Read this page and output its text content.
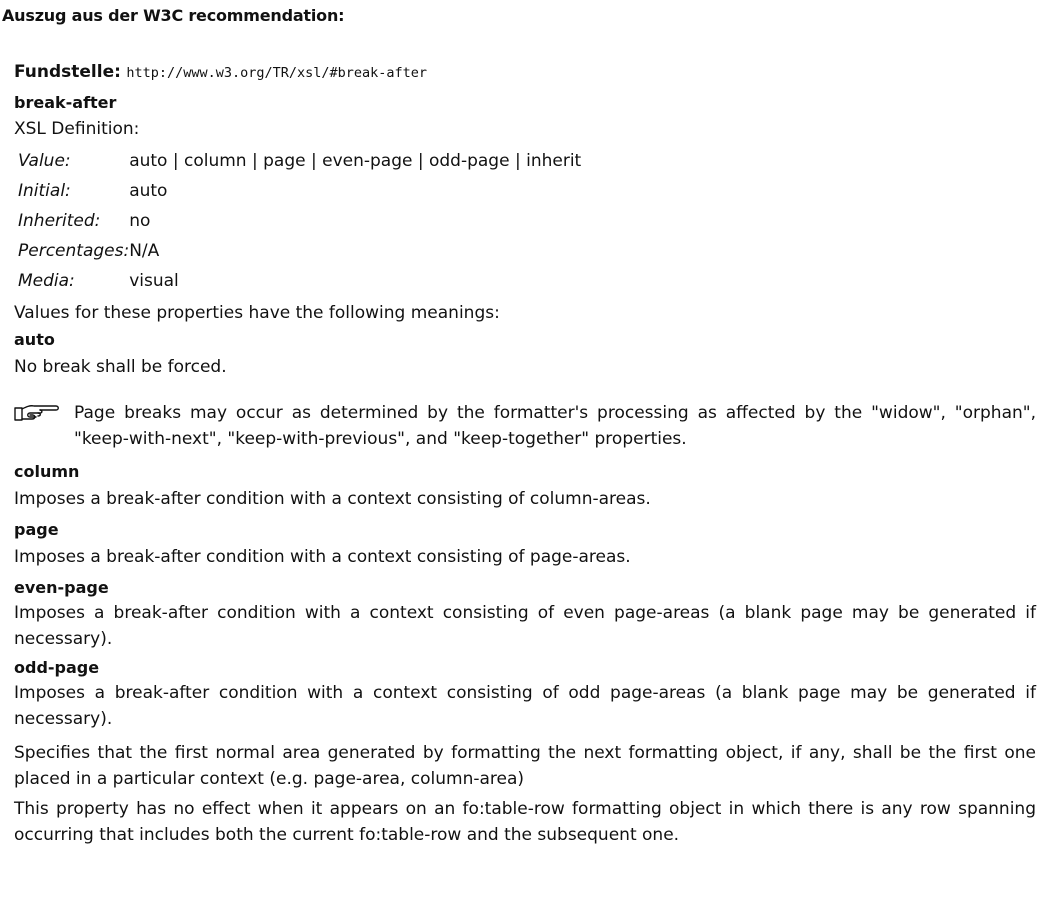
Auszug aus der W3C recommendation:
Fundstelle: http://www.w3.org/TR/xsl/#break-after
break-after
XSL Definition:
Value:	auto | column | page | even-page | odd-page | inherit
Initial:	auto
Inherited:	no
Percentages:	N/A
Media:	visual
Values for these properties have the following meanings:
auto
No break shall be forced.
Page breaks may occur as determined by the formatter's processing as affected by the "widow", "orphan", "keep-with-next", "keep-with-previous", and "keep-together" properties.
column
Imposes a break-after condition with a context consisting of column-areas.
page
Imposes a break-after condition with a context consisting of page-areas.
even-page
Imposes a break-after condition with a context consisting of even page-areas (a blank page may be generated if necessary).
odd-page
Imposes a break-after condition with a context consisting of odd page-areas (a blank page may be generated if necessary).
Specifies that the first normal area generated by formatting the next formatting object, if any, shall be the first one placed in a particular context (e.g. page-area, column-area)
This property has no effect when it appears on an fo:table-row formatting object in which there is any row spanning occurring that includes both the current fo:table-row and the subsequent one.
